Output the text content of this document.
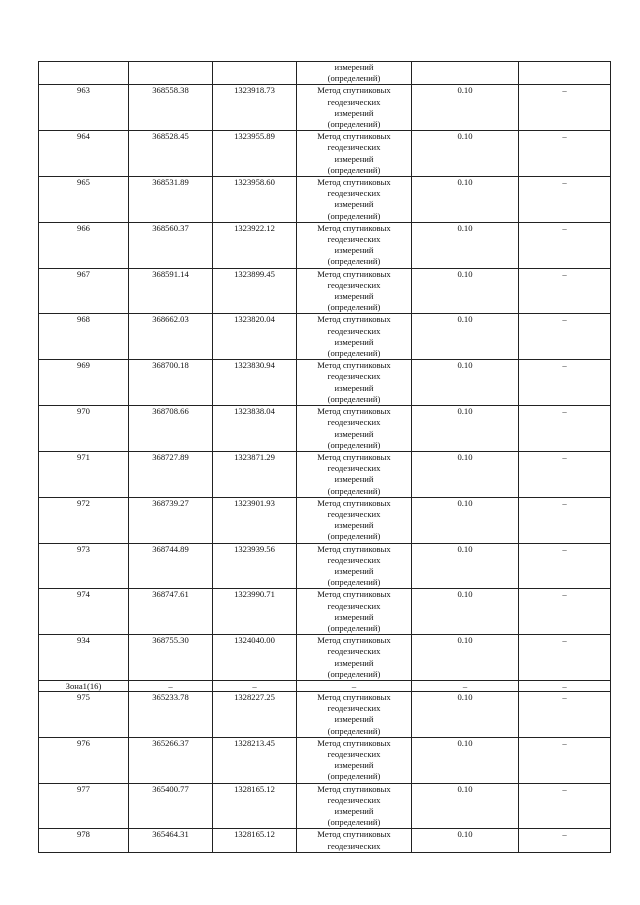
			измерений
(определений)		

963	368558.38	1323918.73	Метод спутниковых
геодезических
измерений
(определений)	0.10	–
964	368528.45	1323955.89	Метод спутниковых
геодезических
измерений
(определений)	0.10	–
965	368531.89	1323958.60	Метод спутниковых
геодезических
измерений
(определений)	0.10	–
966	368560.37	1323922.12	Метод спутниковых
геодезических
измерений
(определений)	0.10	–
967	368591.14	1323899.45	Метод спутниковых
геодезических
измерений
(определений)	0.10	–
968	368662.03	1323820.04	Метод спутниковых
геодезических
измерений
(определений)	0.10	–
969	368700.18	1323830.94	Метод спутниковых
геодезических
измерений
(определений)	0.10	–
970	368708.66	1323838.04	Метод спутниковых
геодезических
измерений
(определений)	0.10	–
971	368727.89	1323871.29	Метод спутниковых
геодезических
измерений
(определений)	0.10	–
972	368739.27	1323901.93	Метод спутниковых
геодезических
измерений
(определений)	0.10	–
973	368744.89	1323939.56	Метод спутниковых
геодезических
измерений
(определений)	0.10	–
974	368747.61	1323990.71	Метод спутниковых
геодезических
измерений
(определений)	0.10	–
934	368755.30	1324040.00	Метод спутниковых
геодезических
измерений
(определений)	0.10	–
Зона1(16)	–	–	–	–	–
975	365233.78	1328227.25	Метод спутниковых
геодезических
измерений
(определений)	0.10	–
976	365266.37	1328213.45	Метод спутниковых
геодезических
измерений
(определений)	0.10	–
977	365400.77	1328165.12	Метод спутниковых
геодезических
измерений
(определений)	0.10	–
978	365464.31	1328165.12	Метод спутниковых
геодезических	0.10	–
